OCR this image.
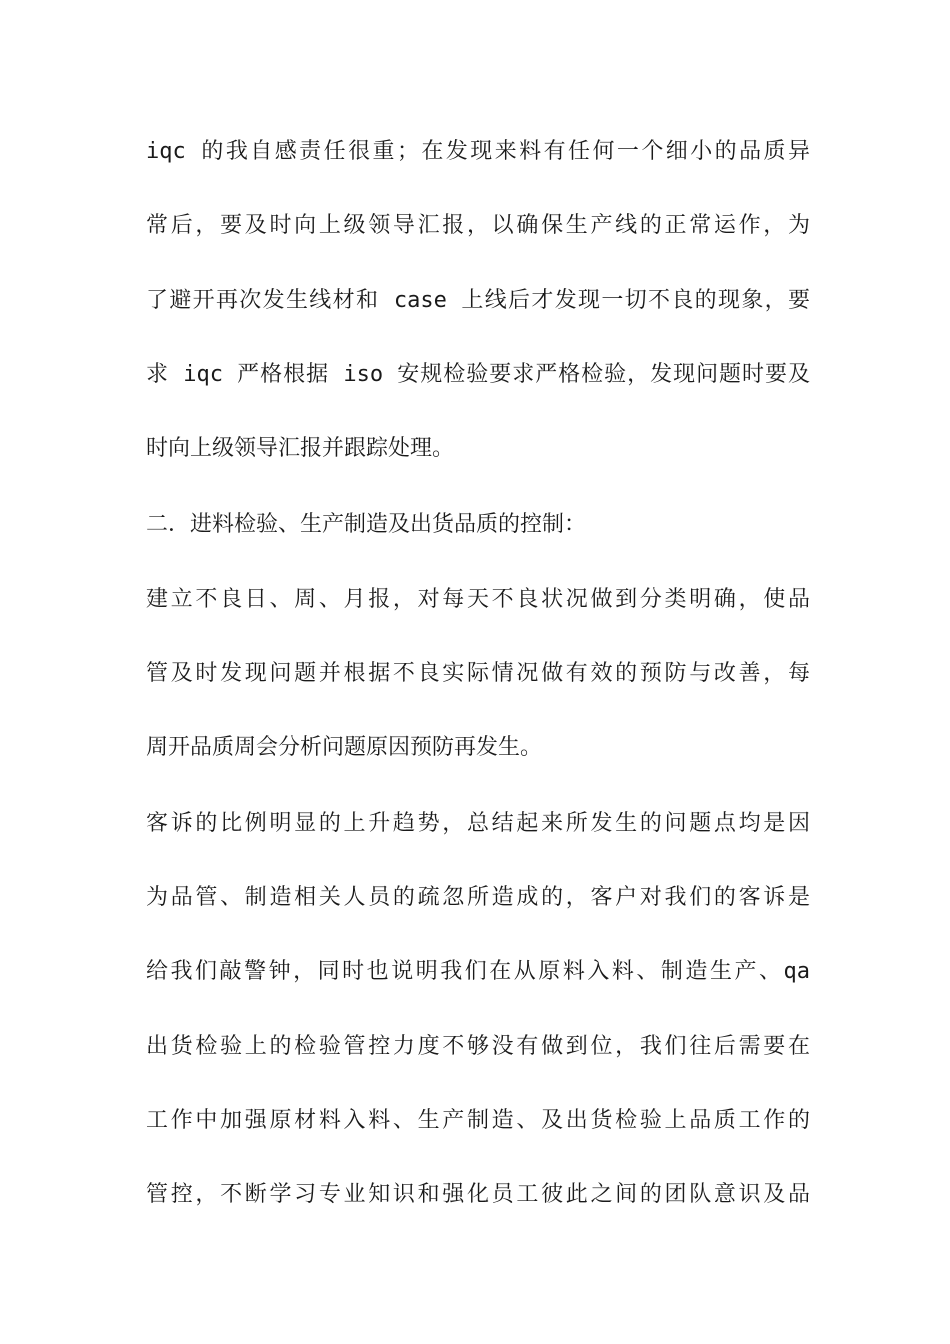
iqc 的我自感责任很重；在发现来料有任何一个细小的品质异
常后，要及时向上级领导汇报，以确保生产线的正常运作，为
了避开再次发生线材和 case 上线后才发现一切不良的现象，要
求 iqc 严格根据 iso 安规检验要求严格检验，发现问题时要及
时向上级领导汇报并跟踪处理。
二．进料检验、生产制造及出货品质的控制：
建立不良日、周、月报，对每天不良状况做到分类明确，使品
管及时发现问题并根据不良实际情况做有效的预防与改善，每
周开品质周会分析问题原因预防再发生。
客诉的比例明显的上升趋势，总结起来所发生的问题点均是因
为品管、制造相关人员的疏忽所造成的，客户对我们的客诉是
给我们敲警钟，同时也说明我们在从原料入料、制造生产、qa
出货检验上的检验管控力度不够没有做到位，我们往后需要在
工作中加强原材料入料、生产制造、及出货检验上品质工作的
管控，不断学习专业知识和强化员工彼此之间的团队意识及品
